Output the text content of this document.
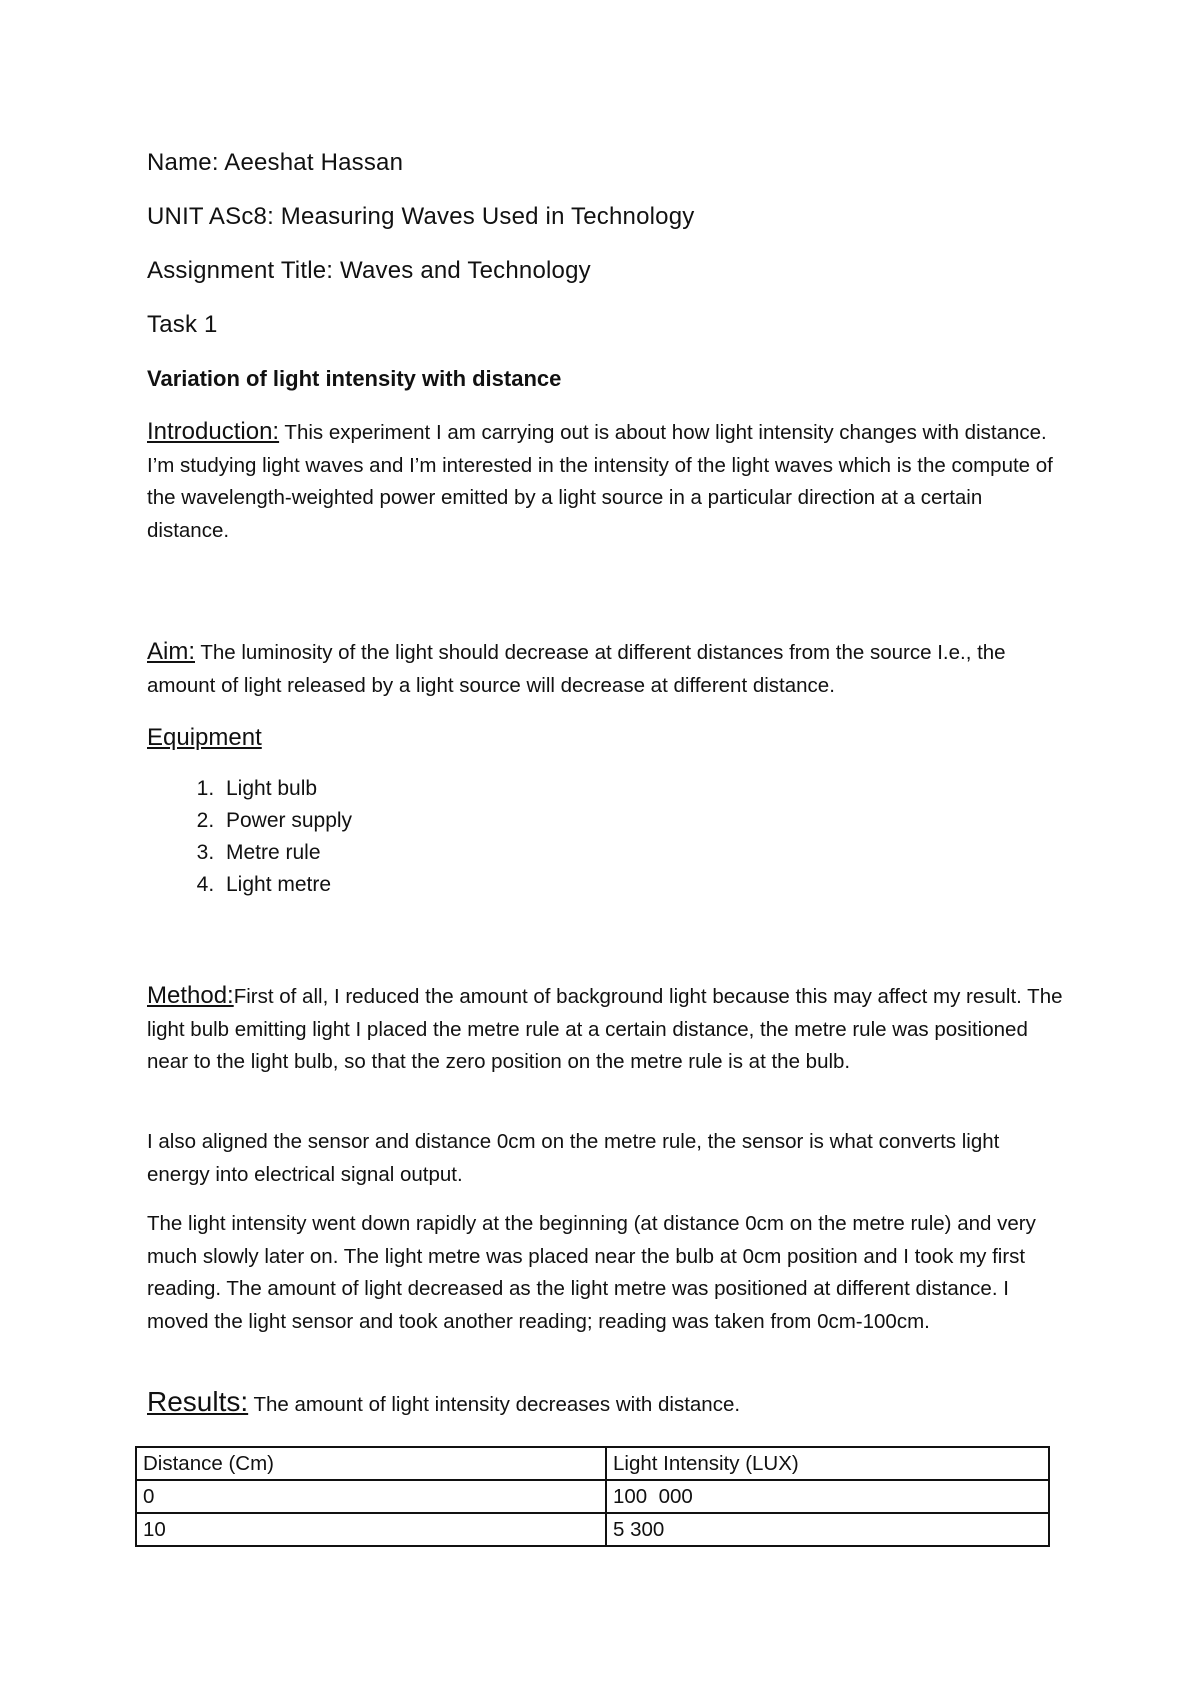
Name: Aeeshat Hassan
UNIT ASc8: Measuring Waves Used in Technology
Assignment Title: Waves and Technology
Task 1
Variation of light intensity with distance
Introduction: This experiment I am carrying out is about how light intensity changes with distance. I’m studying light waves and I’m interested in the intensity of the light waves which is the compute of the wavelength-weighted power emitted by a light source in a particular direction at a certain distance.
Aim: The luminosity of the light should decrease at different distances from the source I.e., the amount of light released by a light source will decrease at different distance.
Equipment
1. Light bulb
2. Power supply
3. Metre rule
4. Light metre
Method:First of all, I reduced the amount of background light because this may affect my result. The light bulb emitting light I placed the metre rule at a certain distance, the metre rule was positioned near to the light bulb, so that the zero position on the metre rule is at the bulb.
I also aligned the sensor and distance 0cm on the metre rule, the sensor is what converts light energy into electrical signal output.
The light intensity went down rapidly at the beginning (at distance 0cm on the metre rule) and very much slowly later on. The light metre was placed near the bulb at 0cm position and I took my first reading. The amount of light decreased as the light metre was positioned at different distance. I moved the light sensor and took another reading; reading was taken from 0cm-100cm.
Results: The amount of light intensity decreases with distance.
Distance (Cm)	Light Intensity (LUX)
0	100  000
10	5 300
